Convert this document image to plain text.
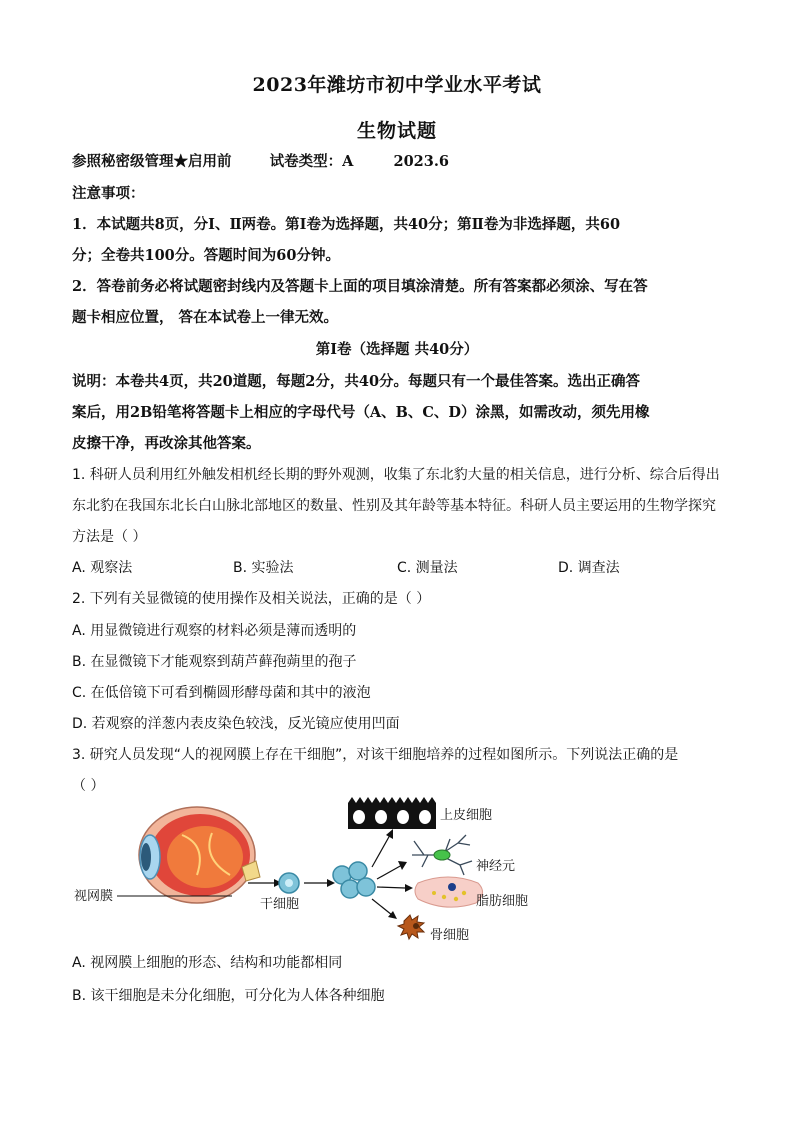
2023年潍坊市初中学业水平考试
生物试题
参照秘密级管理★启用前	试卷类型：A	2023.6
注意事项：
1．本试题共8页，分Ⅰ、Ⅱ两卷。第Ⅰ卷为选择题，共40分；第Ⅱ卷为非选择题，共60
分；全卷共100分。答题时间为60分钟。
2．答卷前务必将试题密封线内及答题卡上面的项目填涂清楚。所有答案都必须涂、写在答
题卡相应位置， 答在本试卷上一律无效。
第Ⅰ卷（选择题 共40分）
说明：本卷共4页，共20道题，每题2分，共40分。每题只有一个最佳答案。选出正确答
案后，用2B铅笔将答题卡上相应的字母代号（A、B、C、D）涂黑，如需改动，须先用橡
皮擦干净，再改涂其他答案。
1. 科研人员利用红外触发相机经长期的野外观测，收集了东北豹大量的相关信息，进行分析、综合后得出
东北豹在我国东北长白山脉北部地区的数量、性别及其年龄等基本特征。科研人员主要运用的生物学探究
方法是（ ）
A. 观察法	B. 实验法	C. 测量法	D. 调查法
2. 下列有关显微镜的使用操作及相关说法，正确的是（ ）
A. 用显微镜进行观察的材料必须是薄而透明的
B. 在显微镜下才能观察到葫芦藓孢蒴里的孢子
C. 在低倍镜下可看到椭圆形酵母菌和其中的液泡
D. 若观察的洋葱内表皮染色较浅，反光镜应使用凹面
3. 研究人员发现“人的视网膜上存在干细胞”，对该干细胞培养的过程如图所示。下列说法正确的是
（ ）
视网膜
干细胞
上皮细胞
神经元
脂肪细胞
骨细胞
A. 视网膜上细胞的形态、结构和功能都相同
B. 该干细胞是未分化细胞，可分化为人体各种细胞
